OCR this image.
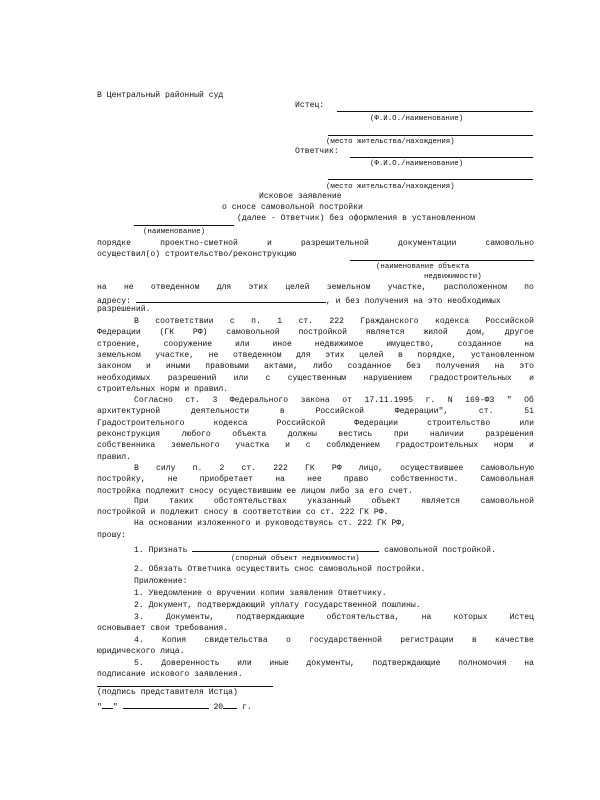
В Центральный районный суд
Истец:
(Ф.И.О./наименование)
(место жительства/нахождения)
Ответчик:
(Ф.И.О./наименование)
(место жительства/нахождения)
Исковое заявление
о сносе самовольной постройки
(далее - Ответчик) без оформления в установленном
(наименование)
порядке	проектно-сметной	и	разрешительной	документации	самовольно
осуществил(о) строительство/реконструкцию
(наименование объекта
недвижимости)
на не отведенном для этих целей земельном участке, расположенном по
адресу:	, и без получения на это необходимых
разрешений.
В соответствии с п. 1 ст. 222 Гражданского кодекса Российской
Федерации (ГК РФ) самовольной постройкой является жилой дом, другое
строение,	сооружение	или	иное	недвижимое	имущество,	созданное	на
земельном участке, не отведенном для этих целей в порядке, установленном
законом и иными правовыми актами, либо созданное без получения на это
необходимых разрешений или с существенным нарушением градостроительных и
строительных норм и правил.
Согласно ст. 3 Федерального закона от 17.11.1995 г. N 169-ФЗ " Об
архитектурной	деятельности	в	Российской	Федерации",	ст.	51
Градостроительного	кодекса	Российской	Федерации	строительство	или
реконструкция	любого	объекта	должны	вестись	при	наличии	разрешения
собственника земельного участка и с соблюдением градостроительных норм и
правил.
В силу п. 2 ст. 222 ГК РФ лицо, осуществившее самовольную
постройку,	не	приобретает	на	нее	право	собственности.	Самовольная
постройка подлежит сносу осуществившим ее лицом либо за его счет.
При	таких	обстоятельствах	указанный	объект	является	самовольной
постройкой и подлежит сносу в соответствии со ст. 222 ГК РФ.
На основании изложенного и руководствуясь ст. 222 ГК РФ,
прошу:
1. Признать	самовольной постройкой.
(спорный объект недвижимости)
2. Обязать Ответчика осуществить снос самовольной постройки.
Приложение:
1. Уведомление о вручении копии заявления Ответчику.
2. Документ, подтверждающий уплату государственной пошлины.
3.	Документы,	подтверждающие	обстоятельства,	на	которых	Истец
основывает свои требования.
4. Копия свидетельства о государственной регистрации в качестве
юридического лица.
5. Доверенность или иные документы, подтверждающие полномочия на
подписание искового заявления.
(подпись представителя Истца)
" "	20 г.
